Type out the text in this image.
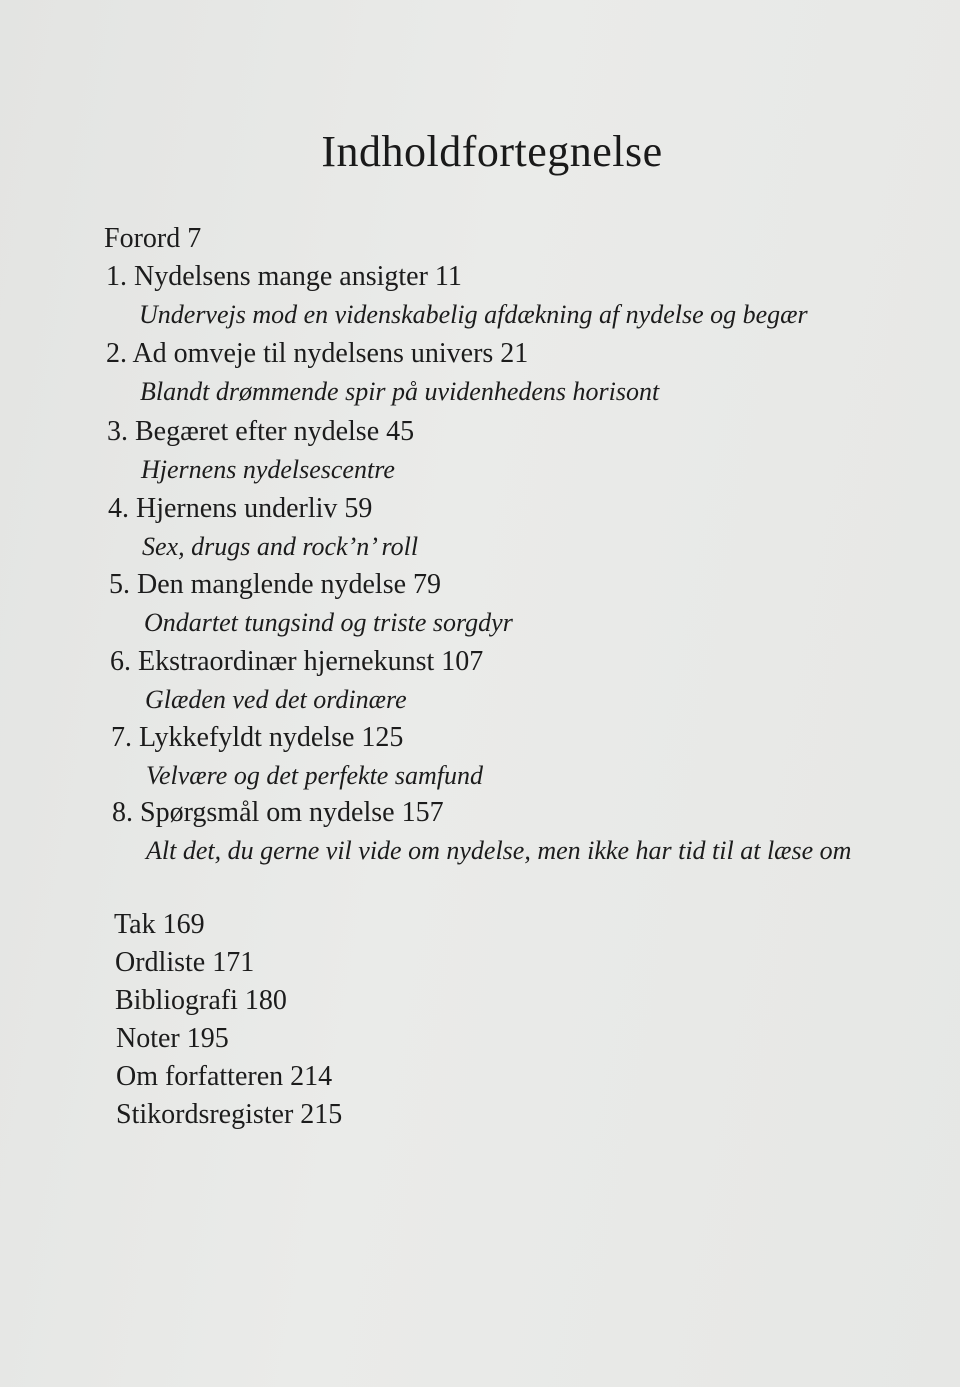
Indholdfortegnelse
Forord 7
1. Nydelsens mange ansigter 11
Undervejs mod en videnskabelig afdækning af nydelse og begær
2. Ad omveje til nydelsens univers 21
Blandt drømmende spir på uvidenhedens horisont
3. Begæret efter nydelse 45
Hjernens nydelsescentre
4. Hjernens underliv 59
Sex, drugs and rock’n’ roll
5. Den manglende nydelse 79
Ondartet tungsind og triste sorgdyr
6. Ekstraordinær hjernekunst 107
Glæden ved det ordinære
7. Lykkefyldt nydelse 125
Velvære og det perfekte samfund
8. Spørgsmål om nydelse 157
Alt det, du gerne vil vide om nydelse, men ikke har tid til at læse om
Tak 169
Ordliste 171
Bibliografi 180
Noter 195
Om forfatteren 214
Stikordsregister 215
